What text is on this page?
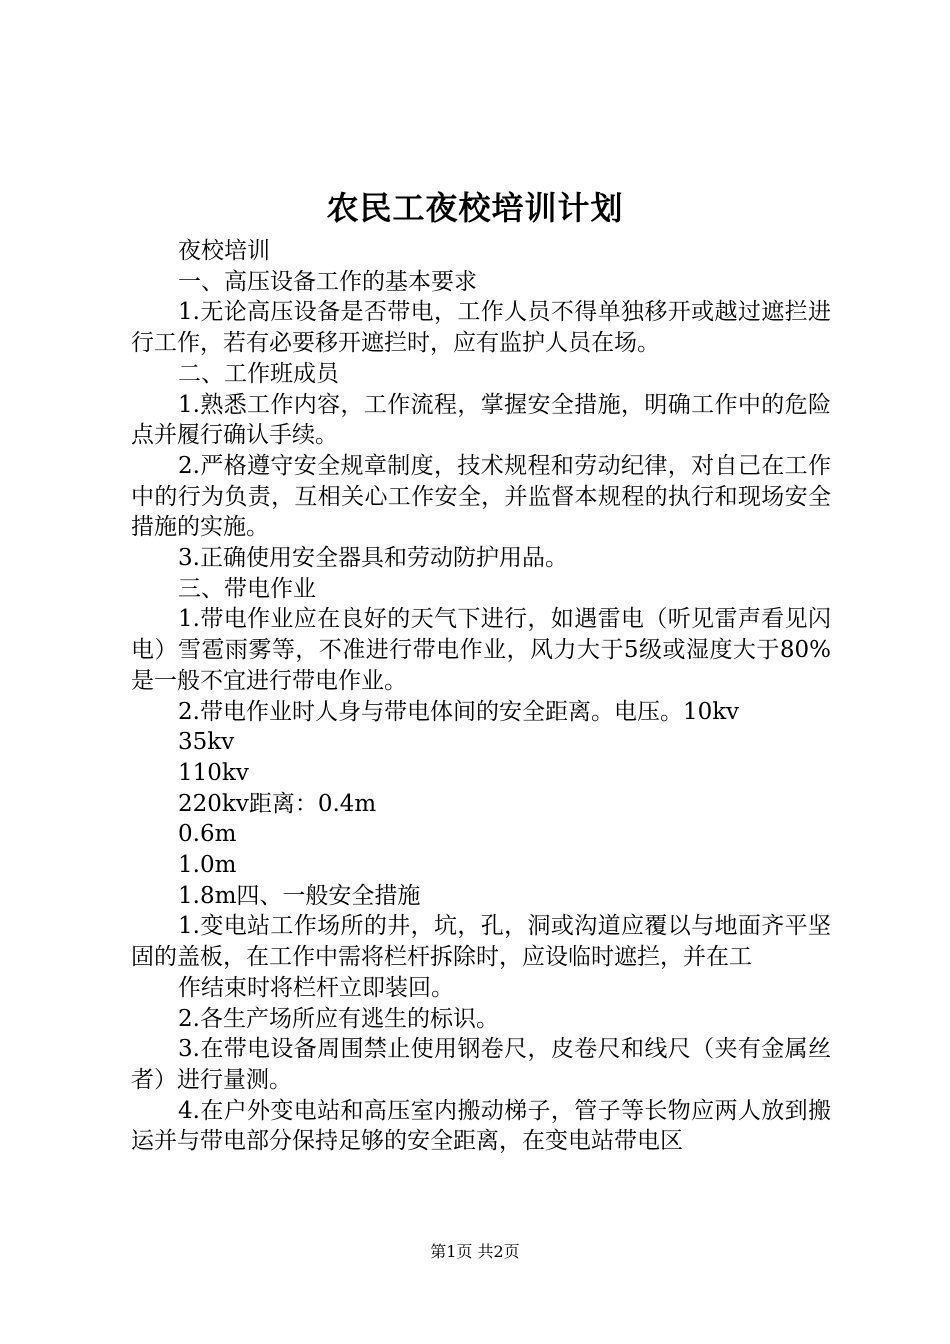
农民工夜校培训计划

夜校培训

一、高压设备工作的基本要求

1.无论高压设备是否带电，工作人员不得单独移开或越过遮拦进行工作，若有必要移开遮拦时，应有监护人员在场。

二、工作班成员

1.熟悉工作内容，工作流程，掌握安全措施，明确工作中的危险点并履行确认手续。

2.严格遵守安全规章制度，技术规程和劳动纪律，对自己在工作中的行为负责，互相关心工作安全，并监督本规程的执行和现场安全措施的实施。

3.正确使用安全器具和劳动防护用品。

三、带电作业

1.带电作业应在良好的天气下进行，如遇雷电（听见雷声看见闪电）雪雹雨雾等，不准进行带电作业，风力大于5级或湿度大于80%是一般不宜进行带电作业。

2.带电作业时人身与带电体间的安全距离。电压。10kv

35kv

110kv

220kv距离：0.4m

0.6m

1.0m

1.8m四、一般安全措施

1.变电站工作场所的井，坑，孔，洞或沟道应覆以与地面齐平坚固的盖板，在工作中需将栏杆拆除时，应设临时遮拦，并在工

作结束时将栏杆立即装回。

2.各生产场所应有逃生的标识。

3.在带电设备周围禁止使用钢卷尺，皮卷尺和线尺（夹有金属丝者）进行量测。

4.在户外变电站和高压室内搬动梯子，管子等长物应两人放到搬运并与带电部分保持足够的安全距离，在变电站带电区

第1页 共2页
